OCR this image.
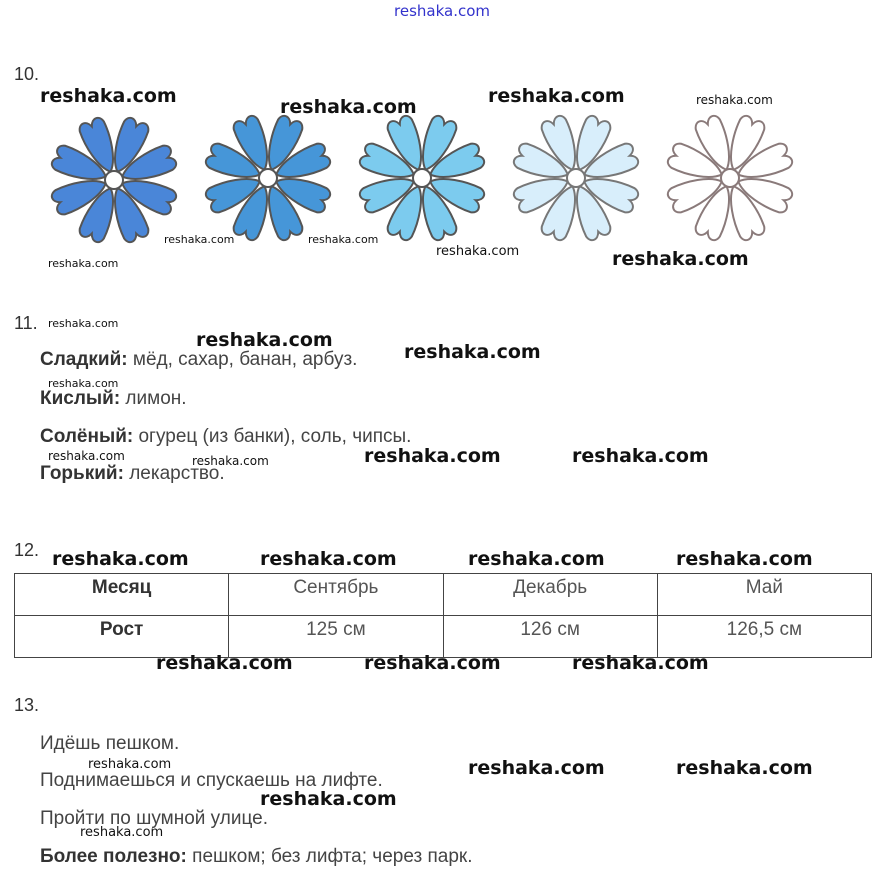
reshaka.com
10.
reshaka.com	reshaka.com	reshaka.com	reshaka.com
reshaka.com	reshaka.com
reshaka.com
reshaka.com	reshaka.com
11. reshaka.com
Сладкий: мёд, сахар, банан, арбуз.
Кислый: лимон.
Солёный: огурец (из банки), соль, чипсы.
Горький: лекарство.
reshaka.com
reshaka.com
reshaka.com
reshaka.com	reshaka.com	reshaka.com	reshaka.com
12. reshaka.com	reshaka.com	reshaka.com	reshaka.com
Месяц	Сентябрь	Декабрь	Май
Рост	125 см	126 см	126,5 см
reshaka.com	reshaka.com	reshaka.com
13.
Идёшь пешком.
Поднимаешься и спускаешь на лифте.
Пройти по шумной улице.
Более полезно: пешком; без лифта; через парк.
reshaka.com	reshaka.com	reshaka.com
reshaka.com
reshaka.com
